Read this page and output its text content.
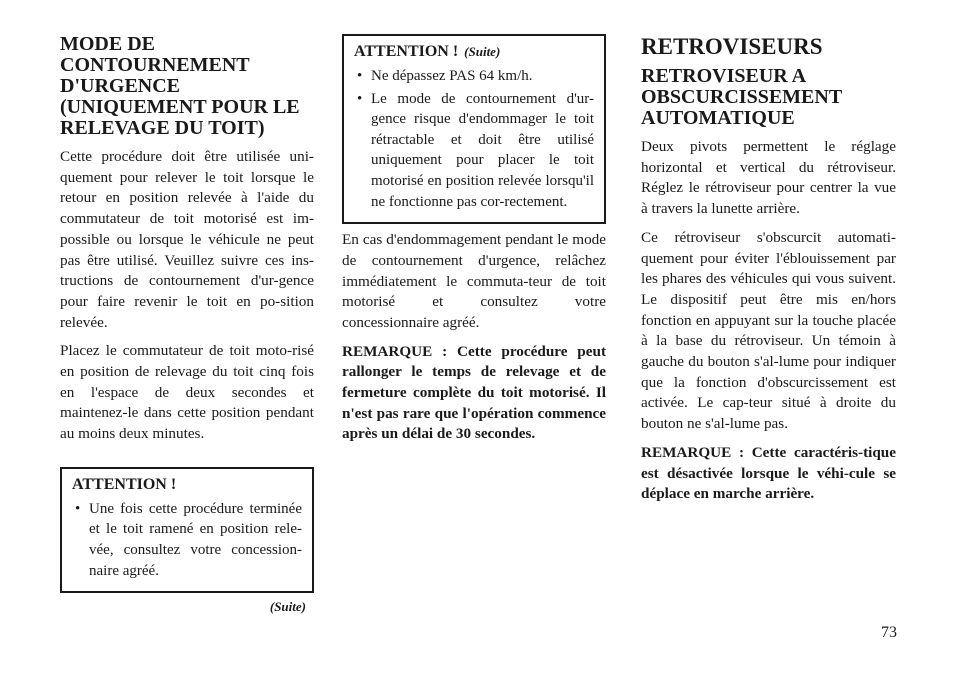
MODE DE CONTOURNEMENT D'URGENCE (UNIQUEMENT POUR LE RELEVAGE DU TOIT)

Cette procédure doit être utilisée uni-quement pour relever le toit lorsque le retour en position relevée à l'aide du commutateur de toit motorisé est im-possible ou lorsque le véhicule ne peut pas être utilisé. Veuillez suivre ces ins-tructions de contournement d'ur-gence pour faire revenir le toit en po-sition relevée.

Placez le commutateur de toit moto-risé en position de relevage du toit cinq fois en l'espace de deux secondes et maintenez-le dans cette position pendant au moins deux minutes.

ATTENTION !
• Une fois cette procédure terminée et le toit ramené en position rele-vée, consultez votre concession-naire agréé.
(Suite)
ATTENTION ! (Suite)
• Ne dépassez PAS 64 km/h.
• Le mode de contournement d'ur-gence risque d'endommager le toit rétractable et doit être utilisé uniquement pour placer le toit motorisé en position relevée lorsqu'il ne fonctionne pas cor-rectement.

En cas d'endommagement pendant le mode de contournement d'urgence, relâchez immédiatement le commuta-teur de toit motorisé et consultez votre concessionnaire agréé.

REMARQUE : Cette procédure peut rallonger le temps de relevage et de fermeture complète du toit motorisé. Il n'est pas rare que l'opération commence après un délai de 30 secondes.

RETROVISEURS
RETROVISEUR A OBSCURCISSEMENT AUTOMATIQUE

Deux pivots permettent le réglage horizontal et vertical du rétroviseur. Réglez le rétroviseur pour centrer la vue à travers la lunette arrière.

Ce rétroviseur s'obscurcit automati-quement pour éviter l'éblouissement par les phares des véhicules qui vous suivent. Le dispositif peut être mis en/hors fonction en appuyant sur la touche placée à la base du rétroviseur. Un témoin à gauche du bouton s'al-lume pour indiquer que la fonction d'obscurcissement est activée. Le cap-teur situé à droite du bouton ne s'al-lume pas.

REMARQUE : Cette caractéris-tique est désactivée lorsque le véhi-cule se déplace en marche arrière.

73
